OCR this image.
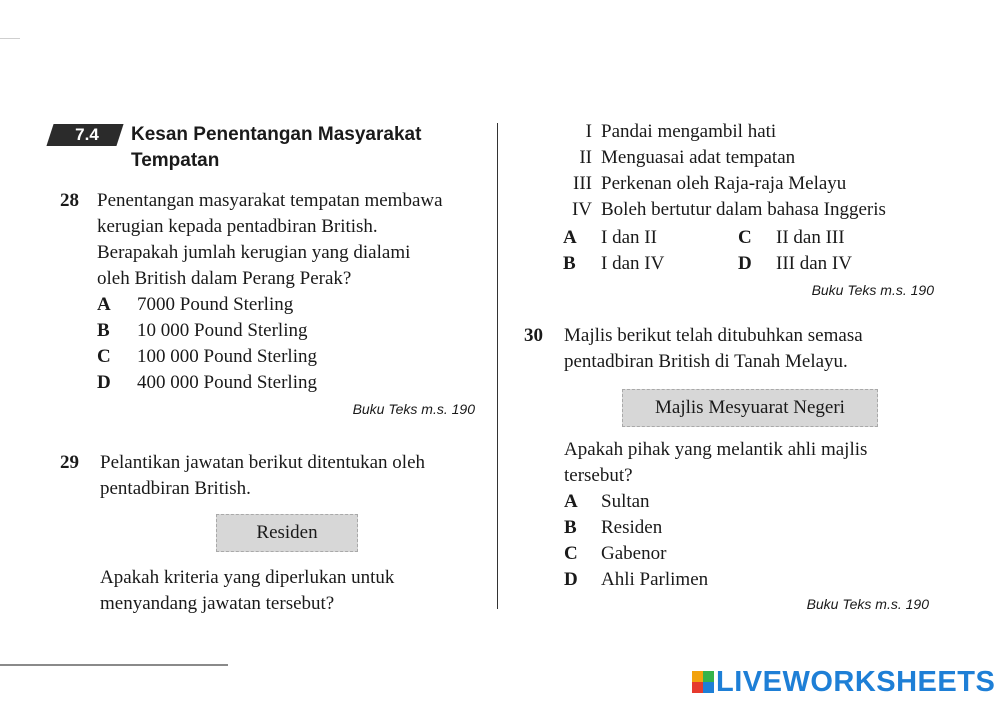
7.4	Kesan Penentangan Masyarakat
Tempatan
28 Penentangan masyarakat tempatan membawa
kerugian kepada pentadbiran British.
Berapakah jumlah kerugian yang dialami
oleh British dalam Perang Perak?
A 7000 Pound Sterling
B 10 000 Pound Sterling
C 100 000 Pound Sterling
D 400 000 Pound Sterling
Buku Teks m.s. 190
29 Pelantikan jawatan berikut ditentukan oleh
pentadbiran British.
Residen
Apakah kriteria yang diperlukan untuk
menyandang jawatan tersebut?
I Pandai mengambil hati
II Menguasai adat tempatan
III Perkenan oleh Raja-raja Melayu
IV Boleh bertutur dalam bahasa Inggeris
A I dan II
B I dan IV
C II dan III
D III dan IV
Buku Teks m.s. 190
30 Majlis berikut telah ditubuhkan semasa
pentadbiran British di Tanah Melayu.
Majlis Mesyuarat Negeri
Apakah pihak yang melantik ahli majlis
tersebut?
A Sultan
B Residen
C Gabenor
D Ahli Parlimen
Buku Teks m.s. 190
LIVEWORKSHEETS
